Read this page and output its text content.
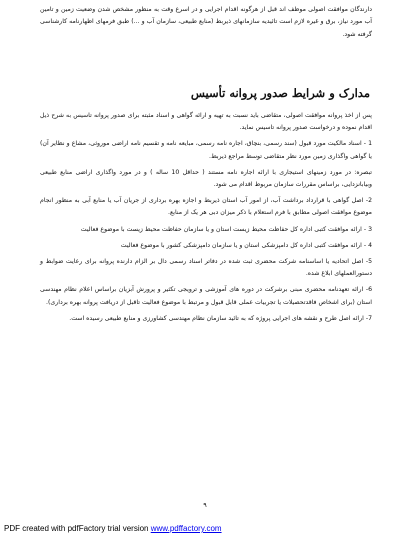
دارندگان موافقت اصولی موظف اند قبل از هرگونه اقدام اجرایی و در اسرع وقت به منظور مشخص شدن وضعیت زمین و تامین آب مورد نیاز، برق و غیره لازم است تائیدیه سازمانهای ذیربط (منابع طبیعی، سازمان آب و ...) طبق فرمهای اظهارنامه کارشناسی گرفته شود.

مدارک و شرایط صدور پروانه تأسیس

پس از اخذ پروانه موافقت اصولی، متقاضی باید نسبت به تهیه و ارائه گواهی و اسناد مثبته برای صدور پروانه تاسیس به شرح ذیل اقدام نموده و درخواست صدور پروانه تاسیس نماید.

1 - اسناد مالکیت مورد قبول (سند رسمی، بنچاق، اجاره نامه رسمی، مبایعه نامه و تقسیم نامه اراضی موروثی، مشاع و نظایر آن) یا گواهی واگذاری زمین مورد نظر متقاضی توسط مراجع ذیربط.

تبصره: در مورد زمینهای استیجاری با ارائه اجاره نامه مستند ( حداقل 10 ساله ) و در مورد واگذاری اراضی منابع طبیعی وبیابانزدایی، براساس مقررات سازمان مربوط اقدام می شود.

2- اصل گواهی با قرارداد برداشت آب، از امور آب استان ذیربط و اجازه بهره برداری از جریان آب یا منابع آبی به منظور انجام موضوع موافقت اصولی مطابق با فرم استعلام با ذکر میزان دبی هر یک از منابع.

3 - ارائه موافقت کتبی اداره کل حفاظت محیط زیست استان و یا سازمان حفاظت محیط زیست با موضوع فعالیت

4 - ارائه موافقت کتبی اداره کل دامپزشکی استان و یا سازمان دامپزشکی کشور با موضوع فعالیت

5- اصل اتحادیه یا اساسنامه شرکت محضری ثبت شده در دفاتر اسناد رسمی دال بر الزام دارنده پروانه برای رعایت ضوابط و دستورالعملهای ابلاغ شده.

6- ارائه تعهدنامه محضری مبنی برشرکت در دوره های آموزشی و ترویجی تکثیر و پرورش آبزیان براساس اعلام نظام مهندسی استان (برای اشخاص فاقدتحصیلات یا تجربیات عملی قابل قبول و مرتبط با موضوع فعالیت تاقبل از دریافت پروانه بهره برداری).

7- ارائه اصل طرح و نقشه های اجرایی پروژه که به تائید سازمان نظام مهندسی کشاورزی و منابع طبیعی رسیده است.

۹
PDF created with pdfFactory trial version www.pdffactory.com
